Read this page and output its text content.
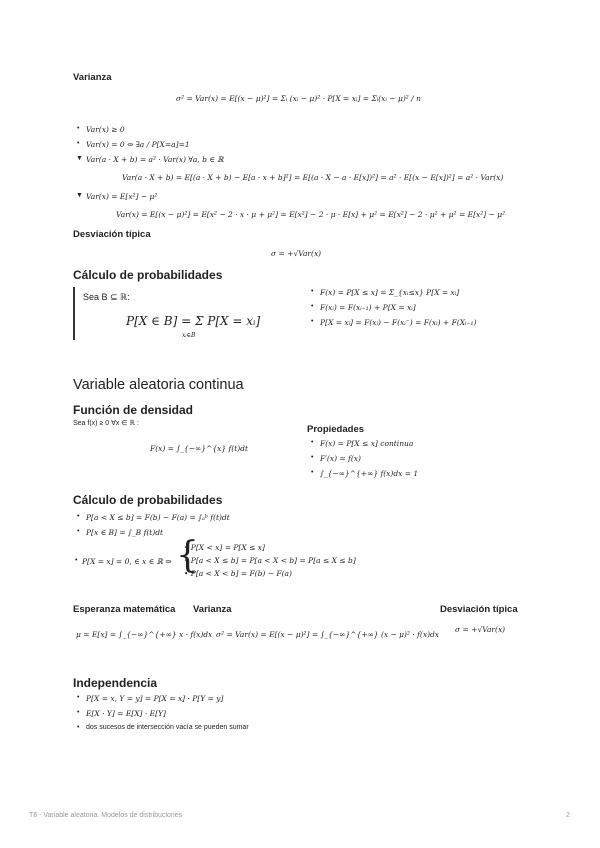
Varianza
σ² = Var(x) = E[(x − μ)²] = Σᵢ (xᵢ − μ)² · P[X = xᵢ] = Σᵢ(xᵢ − μ)² / n
• Var(x) ≥ 0
• Var(x) = 0 ⇔ ∃a / P[X=a]=1
▼ Var(a · X + b) = a² · Var(x) ∀a, b ∈ ℝ
Var(a · X + b) = E[(a · X + b) − E[a · x + b]²] = E[(a · X − a · E[x])²] = a² · E[(x − E[x])²] = a² · Var(x)
▼ Var(x) = E[x²] − μ²
Var(x) = E[(x − μ)²] = E[x² − 2 · x · μ + μ²] = E[x²] − 2 · μ · E[x] + μ² = E[x²] − 2 · μ² + μ² = E[x²] − μ²
Desviación típica
σ = +√Var(x)
Cálculo de probabilidades
Sea B ⊆ ℝ:
P[X ∈ B] = Σ P[X = xᵢ]
xᵢ∈B
• F(x) = P[X ≤ x] = Σ_{xᵢ≤x} P[X = xᵢ]
• F(xᵢ) = F(xᵢ₋₁) + P[X = xᵢ]
• P[X = xᵢ] = F(xᵢ) − F(xᵢ⁻) = F(xᵢ) + F(Xᵢ₋₁)
Variable aleatoria continua
Función de densidad
Sea f(x) ≥ 0 ∀x ∈ ℝ :
F(x) = ∫_{−∞}^{x} f(t)dt
Propiedades
• F(x) = P[X ≤ x] continua
• F′(x) = f(x)
• ∫_{−∞}^{+∞} f(x)dx = 1
Cálculo de probabilidades
• P[a < X ≤ b] = F(b) − F(a) = ∫ₐᵇ f(t)dt
• P[x ∈ B] = ∫_B f(t)dt
• P[X = x] = 0, ∈ x ∈ ℝ ⇒ {
• P[X < x] = P[X ≤ x]
• P[a < X ≤ b] = P[a < X < b] = P[a ≤ X ≤ b]
• P[a < X < b] = F(b) − F(a)
Esperanza matemática
μ = E[x] = ∫_{−∞}^{+∞} x · f(x)dx
Varianza
σ² = Var(x) = E[(x − μ)²] = ∫_{−∞}^{+∞} (x − μ)² · f(x)dx
Desviación típica
σ = +√Var(x)
Independencia
• P[X = x, Y = y] = P[X = x] · P[Y = y]
• E[X · Y] = E[X] · E[Y]
• dos sucesos de intersección vacía se pueden sumar
T6 - Variable aleatoria. Modelos de distribuciones	2
